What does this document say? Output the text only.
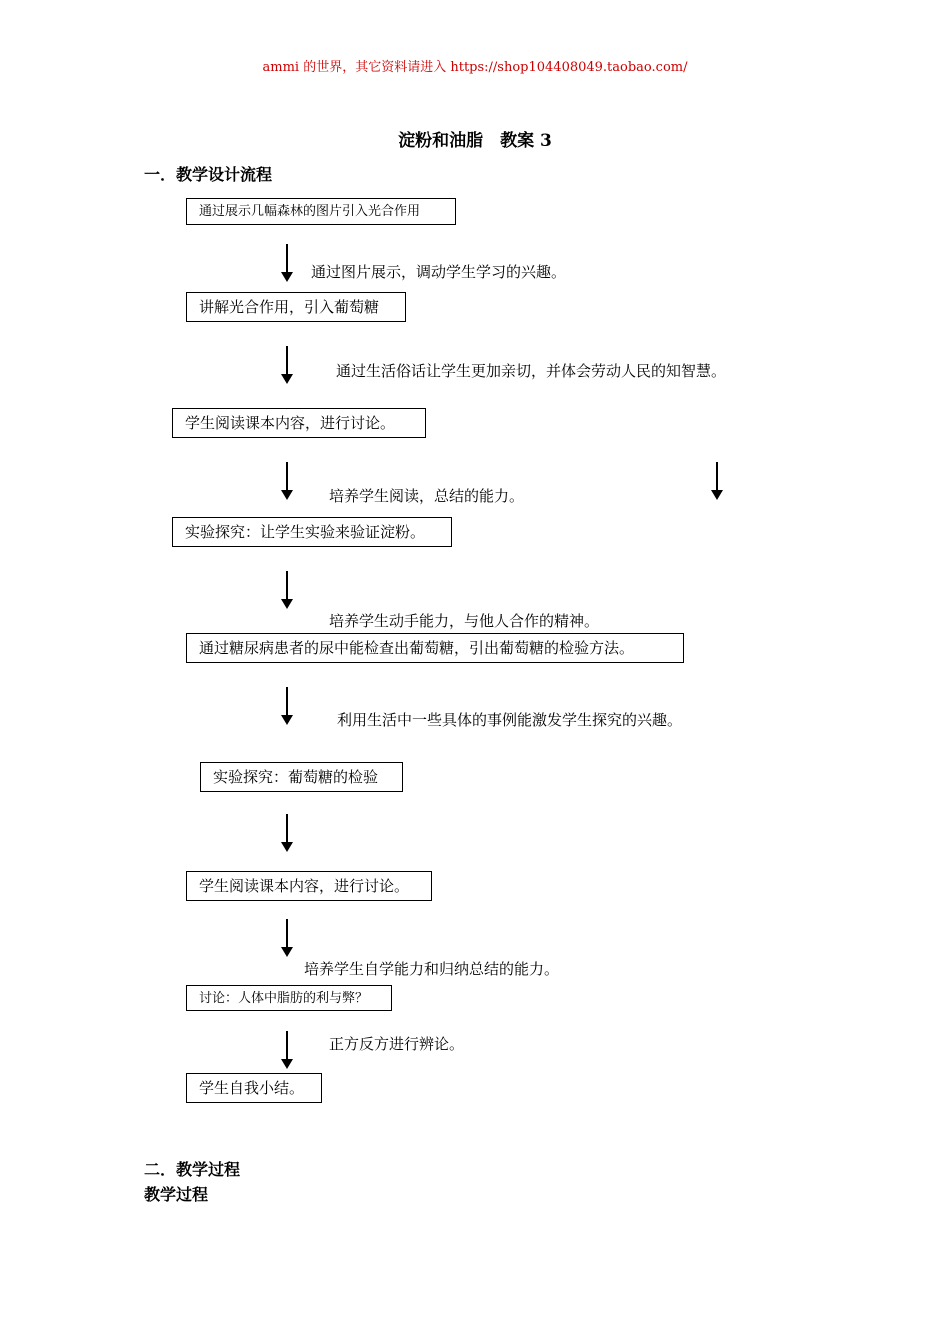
ammi 的世界，其它资料请进入 https://shop104408049.taobao.com/
淀粉和油脂　教案 3
一．教学设计流程
通过展示几幅森林的图片引入光合作用
讲解光合作用，引入葡萄糖
学生阅读课本内容，进行讨论。
实验探究：让学生实验来验证淀粉。
通过糖尿病患者的尿中能检查出葡萄糖，引出葡萄糖的检验方法。
实验探究：葡萄糖的检验
学生阅读课本内容，进行讨论。
讨论：人体中脂肪的利与弊？
学生自我小结。
通过图片展示，调动学生学习的兴趣。
通过生活俗话让学生更加亲切，并体会劳动人民的知智慧。
培养学生阅读，总结的能力。
培养学生动手能力，与他人合作的精神。
利用生活中一些具体的事例能激发学生探究的兴趣。
培养学生自学能力和归纳总结的能力。
正方反方进行辨论。
二．教学过程
教学过程
